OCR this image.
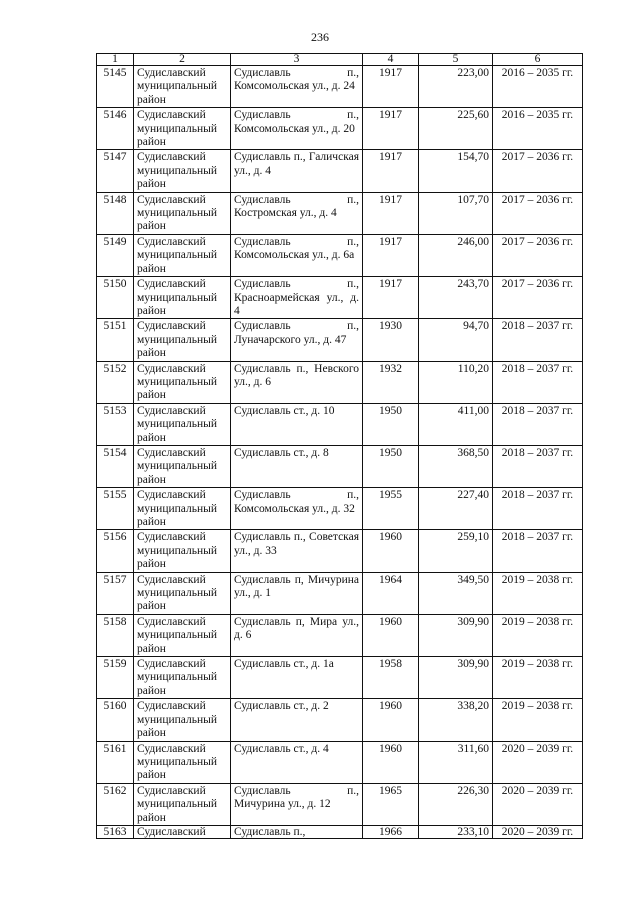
236
1	2	3	4	5	6
5145	Судиславский муниципальный район	Судиславль п., Комсомольская ул., д. 24	1917	223,00	2016 – 2035 гг.
5146	Судиславский муниципальный район	Судиславль п., Комсомольская ул., д. 20	1917	225,60	2016 – 2035 гг.
5147	Судиславский муниципальный район	Судиславль п., Галичская ул., д. 4	1917	154,70	2017 – 2036 гг.
5148	Судиславский муниципальный район	Судиславль п., Костромская ул., д. 4	1917	107,70	2017 – 2036 гг.
5149	Судиславский муниципальный район	Судиславль п., Комсомольская ул., д. 6а	1917	246,00	2017 – 2036 гг.
5150	Судиславский муниципальный район	Судиславль п., Красноармейская ул., д. 4	1917	243,70	2017 – 2036 гг.
5151	Судиславский муниципальный район	Судиславль п., Луначарского ул., д. 47	1930	94,70	2018 – 2037 гг.
5152	Судиславский муниципальный район	Судиславль п., Невского ул., д. 6	1932	110,20	2018 – 2037 гг.
5153	Судиславский муниципальный район	Судиславль ст., д. 10	1950	411,00	2018 – 2037 гг.
5154	Судиславский муниципальный район	Судиславль ст., д. 8	1950	368,50	2018 – 2037 гг.
5155	Судиславский муниципальный район	Судиславль п., Комсомольская ул., д. 32	1955	227,40	2018 – 2037 гг.
5156	Судиславский муниципальный район	Судиславль п., Советская ул., д. 33	1960	259,10	2018 – 2037 гг.
5157	Судиславский муниципальный район	Судиславль п, Мичурина ул., д. 1	1964	349,50	2019 – 2038 гг.
5158	Судиславский муниципальный район	Судиславль п, Мира ул., д. 6	1960	309,90	2019 – 2038 гг.
5159	Судиславский муниципальный район	Судиславль ст., д. 1а	1958	309,90	2019 – 2038 гг.
5160	Судиславский муниципальный район	Судиславль ст., д. 2	1960	338,20	2019 – 2038 гг.
5161	Судиславский муниципальный район	Судиславль ст., д. 4	1960	311,60	2020 – 2039 гг.
5162	Судиславский муниципальный район	Судиславль п., Мичурина ул., д. 12	1965	226,30	2020 – 2039 гг.
5163	Судиславский	Судиславль п.,	1966	233,10	2020 – 2039 гг.
